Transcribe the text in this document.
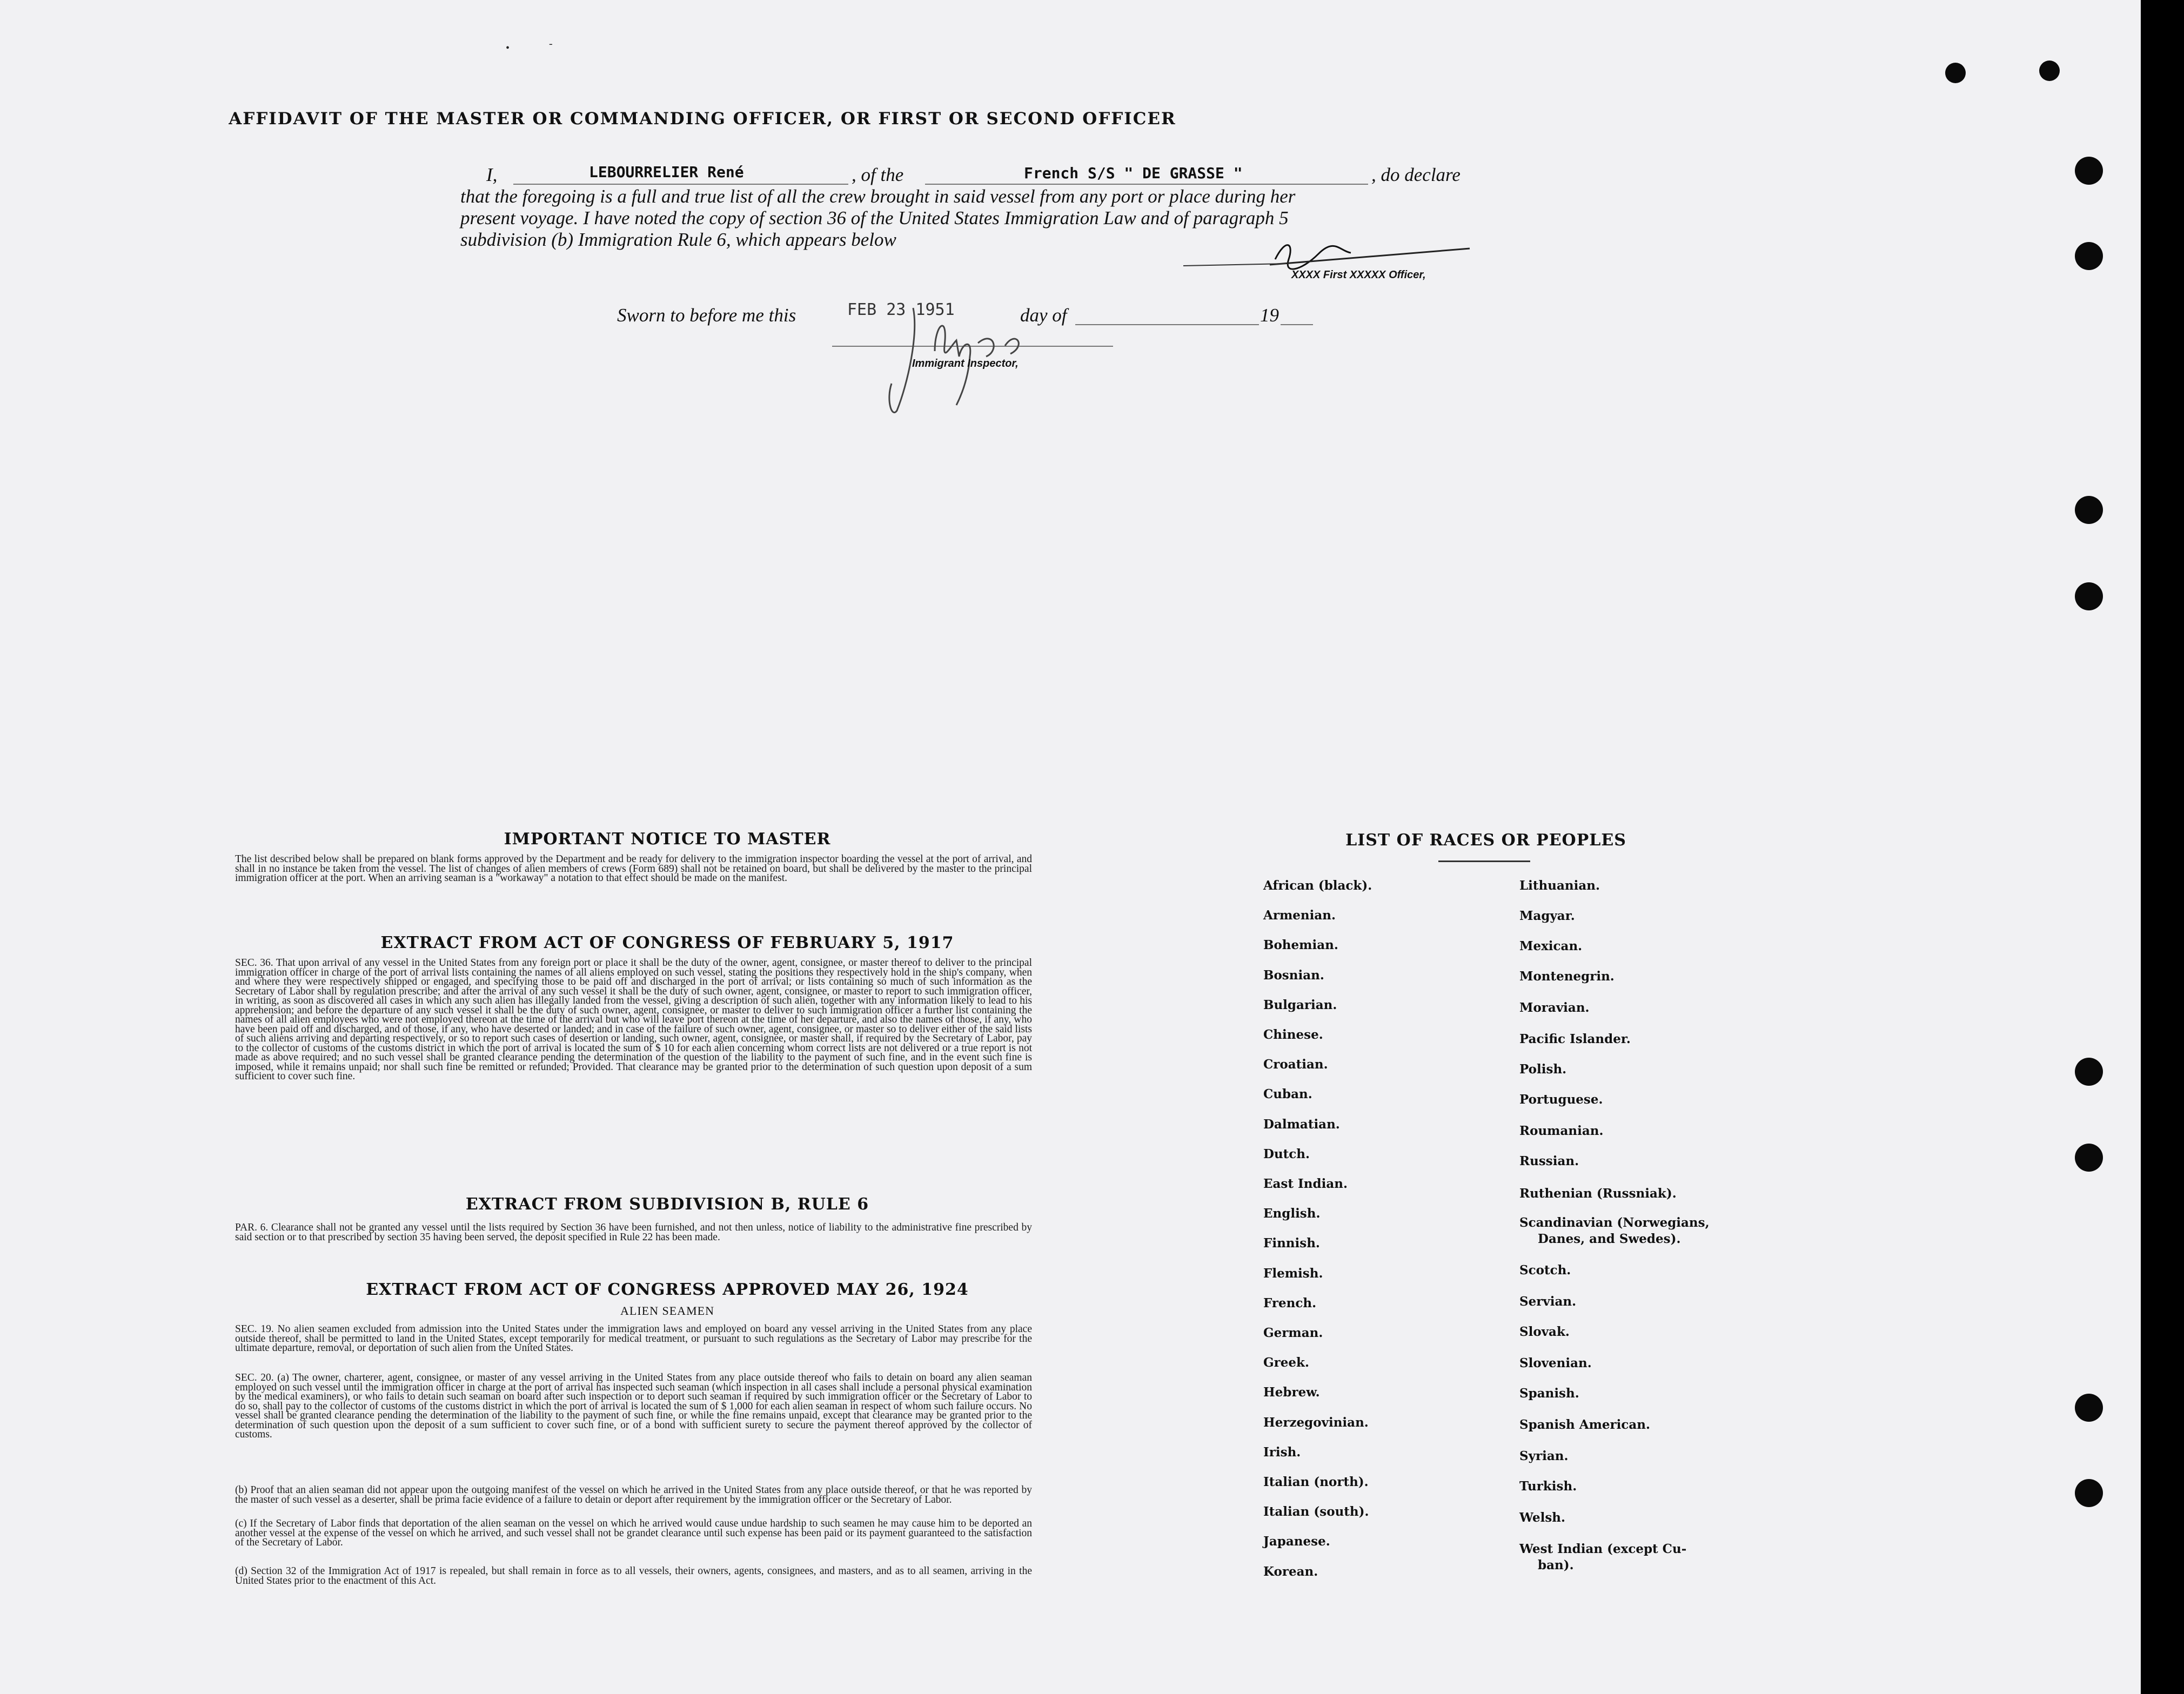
•	-
AFFIDAVIT OF THE MASTER OR COMMANDING OFFICER, OR FIRST OR SECOND OFFICER
I,	LEBOURRELIER René	, of the	French S/S " DE GRASSE "	, do declare
that the foregoing is a full and true list of all the crew brought in said vessel from any port or place during her
present voyage. I have noted the copy of section 36 of the United States Immigration Law and of paragraph 5
subdivision (b) Immigration Rule 6, which appears below
XXXX First XXXXX Officer,
Sworn to before me this	FEB 23 1951	day of	19
Immigrant Inspector,
IMPORTANT NOTICE TO MASTER
The list described below shall be prepared on blank forms approved by the Department and be ready for delivery to the immigration inspector boarding the vessel at the port of arrival, and shall in no instance be taken from the vessel. The list of changes of alien members of crews (Form 689) shall not be retained on board, but shall be delivered by the master to the principal immigration officer at the port. When an arriving seaman is a "workaway" a notation to that effect should be made on the manifest.
EXTRACT FROM ACT OF CONGRESS OF FEBRUARY 5, 1917
SEC. 36. That upon arrival of any vessel in the United States from any foreign port or place it shall be the duty of the owner, agent, consignee, or master thereof to deliver to the principal immigration officer in charge of the port of arrival lists containing the names of all aliens employed on such vessel, stating the positions they respectively hold in the ship's company, when and where they were respectively shipped or engaged, and specifying those to be paid off and discharged in the port of arrival; or lists containing so much of such information as the Secretary of Labor shall by regulation prescribe; and after the arrival of any such vessel it shall be the duty of such owner, agent, consignee, or master to report to such immigration officer, in writing, as soon as discovered all cases in which any such alien has illegally landed from the vessel, giving a description of such alien, together with any information likely to lead to his apprehension; and before the departure of any such vessel it shall be the duty of such owner, agent, consignee, or master to deliver to such immigration officer a further list containing the names of all alien employees who were not employed thereon at the time of the arrival but who will leave port thereon at the time of her departure, and also the names of those, if any, who have been paid off and discharged, and of those, if any, who have deserted or landed; and in case of the failure of such owner, agent, consignee, or master so to deliver either of the said lists of such aliens arriving and departing respectively, or so to report such cases of desertion or landing, such owner, agent, consignee, or master shall, if required by the Secretary of Labor, pay to the collector of customs of the customs district in which the port of arrival is located the sum of $ 10 for each alien concerning whom correct lists are not delivered or a true report is not made as above required; and no such vessel shall be granted clearance pending the determination of the question of the liability to the payment of such fine, and in the event such fine is imposed, while it remains unpaid; nor shall such fine be remitted or refunded; Provided. That clearance may be granted prior to the determination of such question upon deposit of a sum sufficient to cover such fine.
EXTRACT FROM SUBDIVISION B, RULE 6
PAR. 6. Clearance shall not be granted any vessel until the lists required by Section 36 have been furnished, and not then unless, notice of liability to the administrative fine prescribed by said section or to that prescribed by section 35 having been served, the deposit specified in Rule 22 has been made.
EXTRACT FROM ACT OF CONGRESS APPROVED MAY 26, 1924
ALIEN SEAMEN
SEC. 19. No alien seamen excluded from admission into the United States under the immigration laws and employed on board any vessel arriving in the United States from any place outside thereof, shall be permitted to land in the United States, except temporarily for medical treatment, or pursuant to such regulations as the Secretary of Labor may prescribe for the ultimate departure, removal, or deportation of such alien from the United States.
SEC. 20. (a) The owner, charterer, agent, consignee, or master of any vessel arriving in the United States from any place outside thereof who fails to detain on board any alien seaman employed on such vessel until the immigration officer in charge at the port of arrival has inspected such seaman (which inspection in all cases shall include a personal physical examination by the medical examiners), or who fails to detain such seaman on board after such inspection or to deport such seaman if required by such immigration officer or the Secretary of Labor to do so, shall pay to the collector of customs of the customs district in which the port of arrival is located the sum of $ 1,000 for each alien seaman in respect of whom such failure occurs. No vessel shall be granted clearance pending the determination of the liability to the payment of such fine, or while the fine remains unpaid, except that clearance may be granted prior to the determination of such question upon the deposit of a sum sufficient to cover such fine, or of a bond with sufficient surety to secure the payment thereof approved by the collector of customs.
(b) Proof that an alien seaman did not appear upon the outgoing manifest of the vessel on which he arrived in the United States from any place outside thereof, or that he was reported by the master of such vessel as a deserter, shall be prima facie evidence of a failure to detain or deport after requirement by the immigration officer or the Secretary of Labor.
(c) If the Secretary of Labor finds that deportation of the alien seaman on the vessel on which he arrived would cause undue hardship to such seamen he may cause him to be deported an another vessel at the expense of the vessel on which he arrived, and such vessel shall not be grandet clearance until such expense has been paid or its payment guaranteed to the satisfaction of the Secretary of Labor.
(d) Section 32 of the Immigration Act of 1917 is repealed, but shall remain in force as to all vessels, their owners, agents, consignees, and masters, and as to all seamen, arriving in the United States prior to the enactment of this Act.
LIST OF RACES OR PEOPLES
African (black).
Armenian.
Bohemian.
Bosnian.
Bulgarian.
Chinese.
Croatian.
Cuban.
Dalmatian.
Dutch.
East Indian.
English.
Finnish.
Flemish.
French.
German.
Greek.
Hebrew.
Herzegovinian.
Irish.
Italian (north).
Italian (south).
Japanese.
Korean.
Lithuanian.
Magyar.
Mexican.
Montenegrin.
Moravian.
Pacific Islander.
Polish.
Portuguese.
Roumanian.
Russian.
Ruthenian (Russniak).
Scandinavian (Norwegians,
Danes, and Swedes).
Scotch.
Servian.
Slovak.
Slovenian.
Spanish.
Spanish American.
Syrian.
Turkish.
Welsh.
West Indian (except Cu-
ban).
